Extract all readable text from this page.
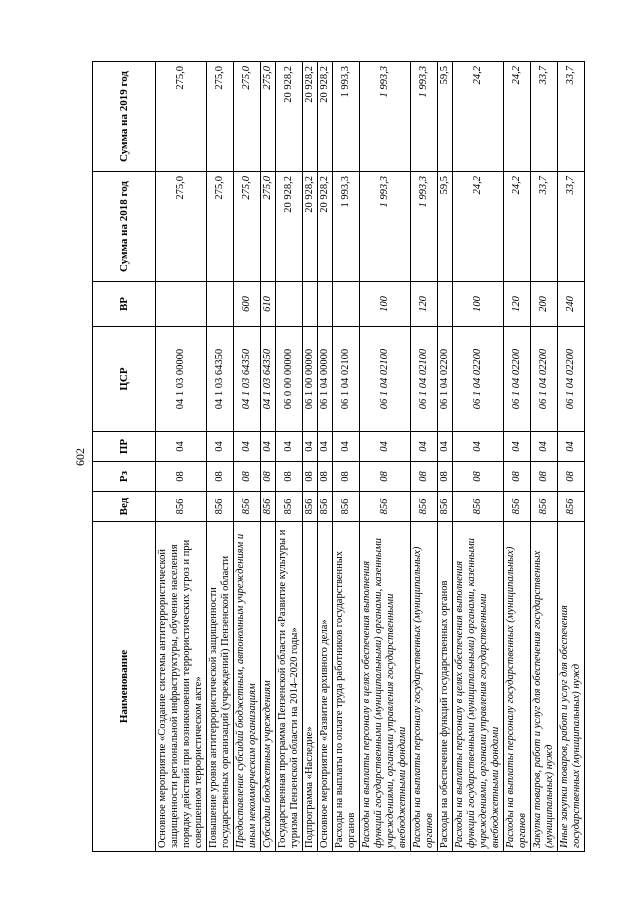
602
Наименование	Вед	Рз	ПР	ЦСР	ВР	Сумма на 2018 год	Сумма на 2019 год
Основное мероприятие «Создание системы антитеррористической защищенности региональной инфраструктуры, обучение населения порядку действий при возникновении террористических угроз и при совершенном террористическом акте»	856	08	04	04 1 03 00000		275,0	275,0
Повышение уровня антитеррористической защищенности государственных организаций (учреждений) Пензенской области	856	08	04	04 1 03 64350		275,0	275,0
Предоставление субсидий бюджетным, автономным учреждениям и иным некоммерческим организациям	856	08	04	04 1 03 64350	600	275,0	275,0
Субсидии бюджетным учреждениям	856	08	04	04 1 03 64350	610	275,0	275,0
Государственная программа Пензенской области «Развитие культуры и туризма Пензенской области на 2014–2020 годы»	856	08	04	06 0 00 00000		20 928,2	20 928,2
Подпрограмма «Наследие»	856	08	04	06 1 00 00000		20 928,2	20 928,2
Основное мероприятие «Развитие архивного дела»	856	08	04	06 1 04 00000		20 928,2	20 928,2
Расходы на выплаты по оплате труда работников государственных органов	856	08	04	06 1 04 02100		1 993,3	1 993,3
Расходы на выплаты персоналу в целях обеспечения выполнения функций государственными (муниципальными) органами, казенными учреждениями, органами управления государственными внебюджетными фондами	856	08	04	06 1 04 02100	100	1 993,3	1 993,3
Расходы на выплаты персоналу государственных (муниципальных) органов	856	08	04	06 1 04 02100	120	1 993,3	1 993,3
Расходы на обеспечение функций государственных органов	856	08	04	06 1 04 02200		59,5	59,5
Расходы на выплаты персоналу в целях обеспечения выполнения функций государственными (муниципальными) органами, казенными учреждениями, органами управления государственными внебюджетными фондами	856	08	04	06 1 04 02200	100	24,2	24,2
Расходы на выплаты персоналу государственных (муниципальных) органов	856	08	04	06 1 04 02200	120	24,2	24,2
Закупка товаров, работ и услуг для обеспечения государственных (муниципальных) нужд	856	08	04	06 1 04 02200	200	33,7	33,7
Иные закупки товаров, работ и услуг для обеспечения государственных (муниципальных) нужд	856	08	04	06 1 04 02200	240	33,7	33,7
